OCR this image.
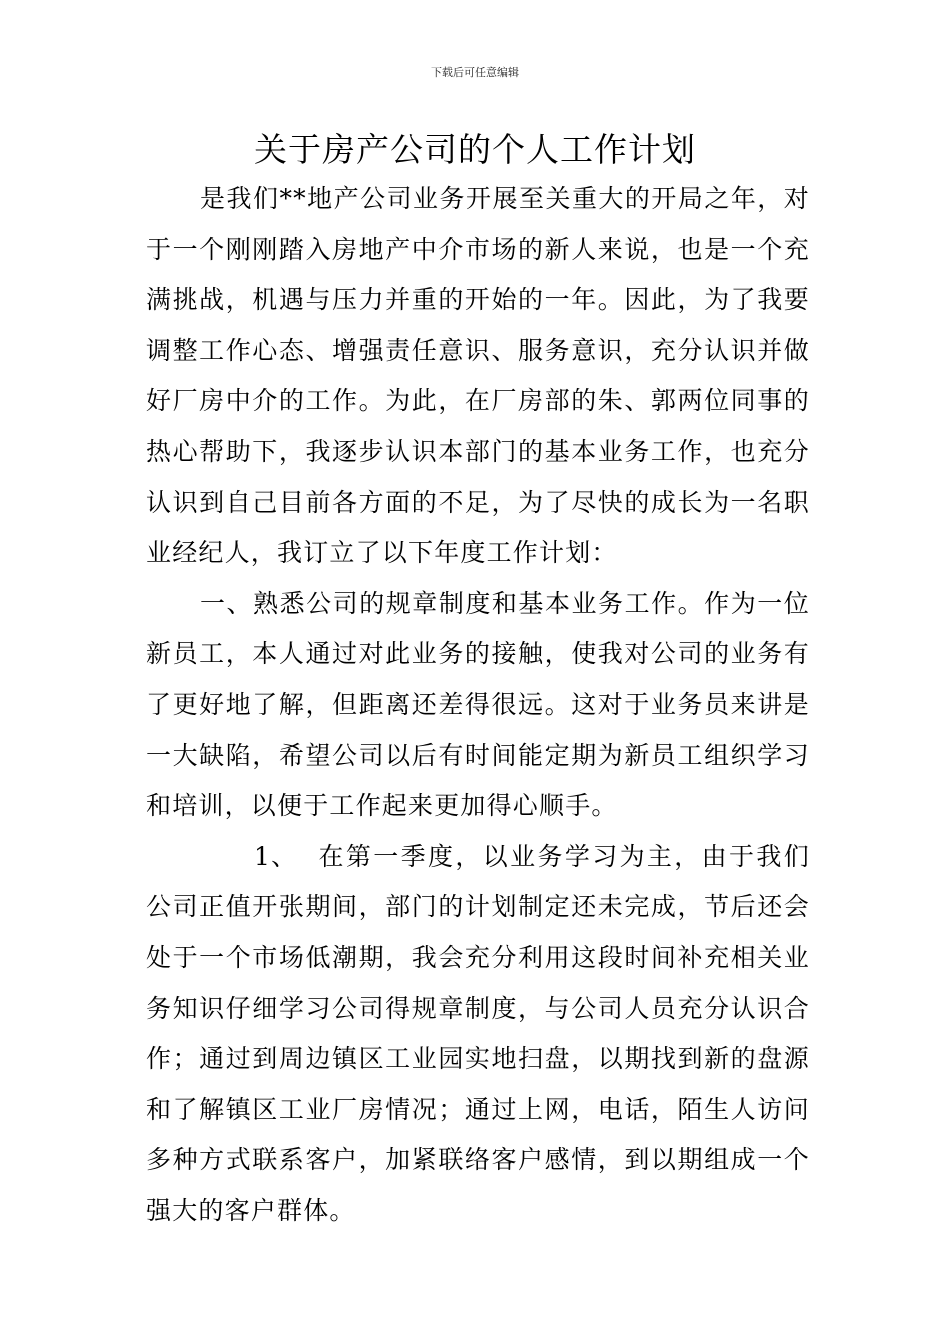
下载后可任意编辑
关于房产公司的个人工作计划

是我们**地产公司业务开展至关重大的开局之年，对于一个刚刚踏入房地产中介市场的新人来说，也是一个充满挑战，机遇与压力并重的开始的一年。因此，为了我要调整工作心态、增强责任意识、服务意识，充分认识并做好厂房中介的工作。为此，在厂房部的朱、郭两位同事的热心帮助下，我逐步认识本部门的基本业务工作，也充分认识到自己目前各方面的不足，为了尽快的成长为一名职业经纪人，我订立了以下年度工作计划：

一、熟悉公司的规章制度和基本业务工作。作为一位新员工，本人通过对此业务的接触，使我对公司的业务有了更好地了解，但距离还差得很远。这对于业务员来讲是一大缺陷，希望公司以后有时间能定期为新员工组织学习和培训，以便于工作起来更加得心顺手。

1、 在第一季度，以业务学习为主，由于我们公司正值开张期间，部门的计划制定还未完成，节后还会处于一个市场低潮期，我会充分利用这段时间补充相关业务知识仔细学习公司得规章制度，与公司人员充分认识合作；通过到周边镇区工业园实地扫盘，以期找到新的盘源和了解镇区工业厂房情况；通过上网，电话，陌生人访问多种方式联系客户，加紧联络客户感情，到以期组成一个强大的客户群体。
